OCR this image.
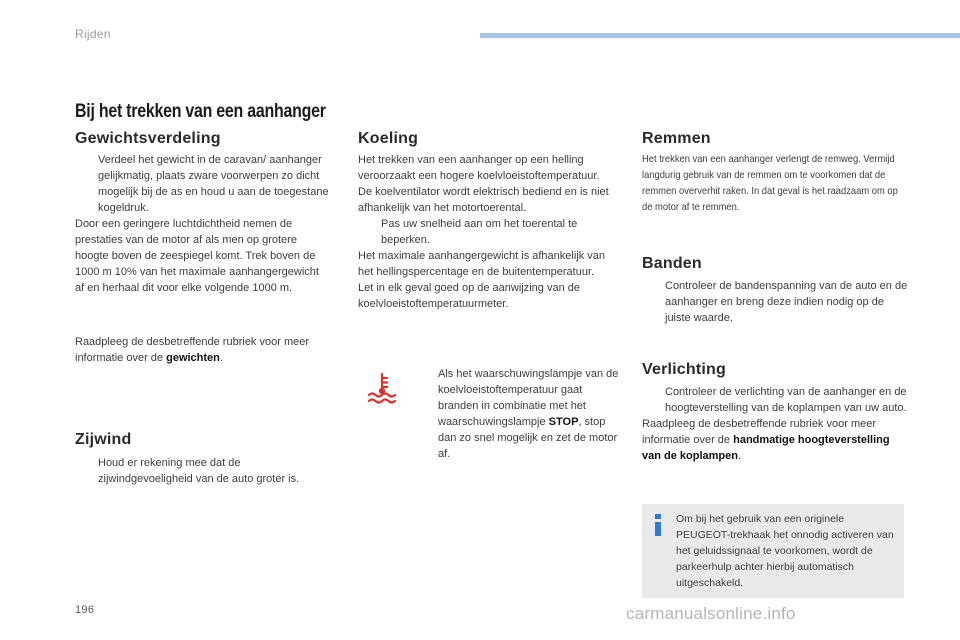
Rijden
Bij het trekken van een aanhanger
Gewichtsverdeling
Verdeel het gewicht in de caravan/ aanhanger gelijkmatig, plaats zware voorwerpen zo dicht mogelijk bij de as en houd u aan de toegestane kogeldruk.
Door een geringere luchtdichtheid nemen de prestaties van de motor af als men op grotere hoogte boven de zeespiegel komt. Trek boven de 1000 m 10% van het maximale aanhangergewicht af en herhaal dit voor elke volgende 1000 m.
Raadpleeg de desbetreffende rubriek voor meer informatie over de gewichten.
Zijwind
Houd er rekening mee dat de zijwindgevoeligheid van de auto groter is.
Koeling
Het trekken van een aanhanger op een helling veroorzaakt een hogere koelvloeistoftemperatuur.
De koelventilator wordt elektrisch bediend en is niet afhankelijk van het motortoerental.
Pas uw snelheid aan om het toerental te beperken.
Het maximale aanhangergewicht is afhankelijk van het hellingspercentage en de buitentemperatuur.
Let in elk geval goed op de aanwijzing van de koelvloeistoftemperatuurmeter.
Als het waarschuwingslampje van de koelvloeistoftemperatuur gaat branden in combinatie met het waarschuwingslampje STOP, stop dan zo snel mogelijk en zet de motor af.
Remmen
Het trekken van een aanhanger verlengt de remweg. Vermijd langdurig gebruik van de remmen om te voorkomen dat de remmen oververhit raken. In dat geval is het raadzaam om op de motor af te remmen.
Banden
Controleer de bandenspanning van de auto en de aanhanger en breng deze indien nodig op de juiste waarde.
Verlichting
Controleer de verlichting van de aanhanger en de hoogteverstelling van de koplampen van uw auto.
Raadpleeg de desbetreffende rubriek voor meer informatie over de handmatige hoogteverstelling van de koplampen.
Om bij het gebruik van een originele PEUGEOT-trekhaak het onnodig activeren van het geluidssignaal te voorkomen, wordt de parkeerhulp achter hierbij automatisch uitgeschakeld.
196	carmanualsonline.info
